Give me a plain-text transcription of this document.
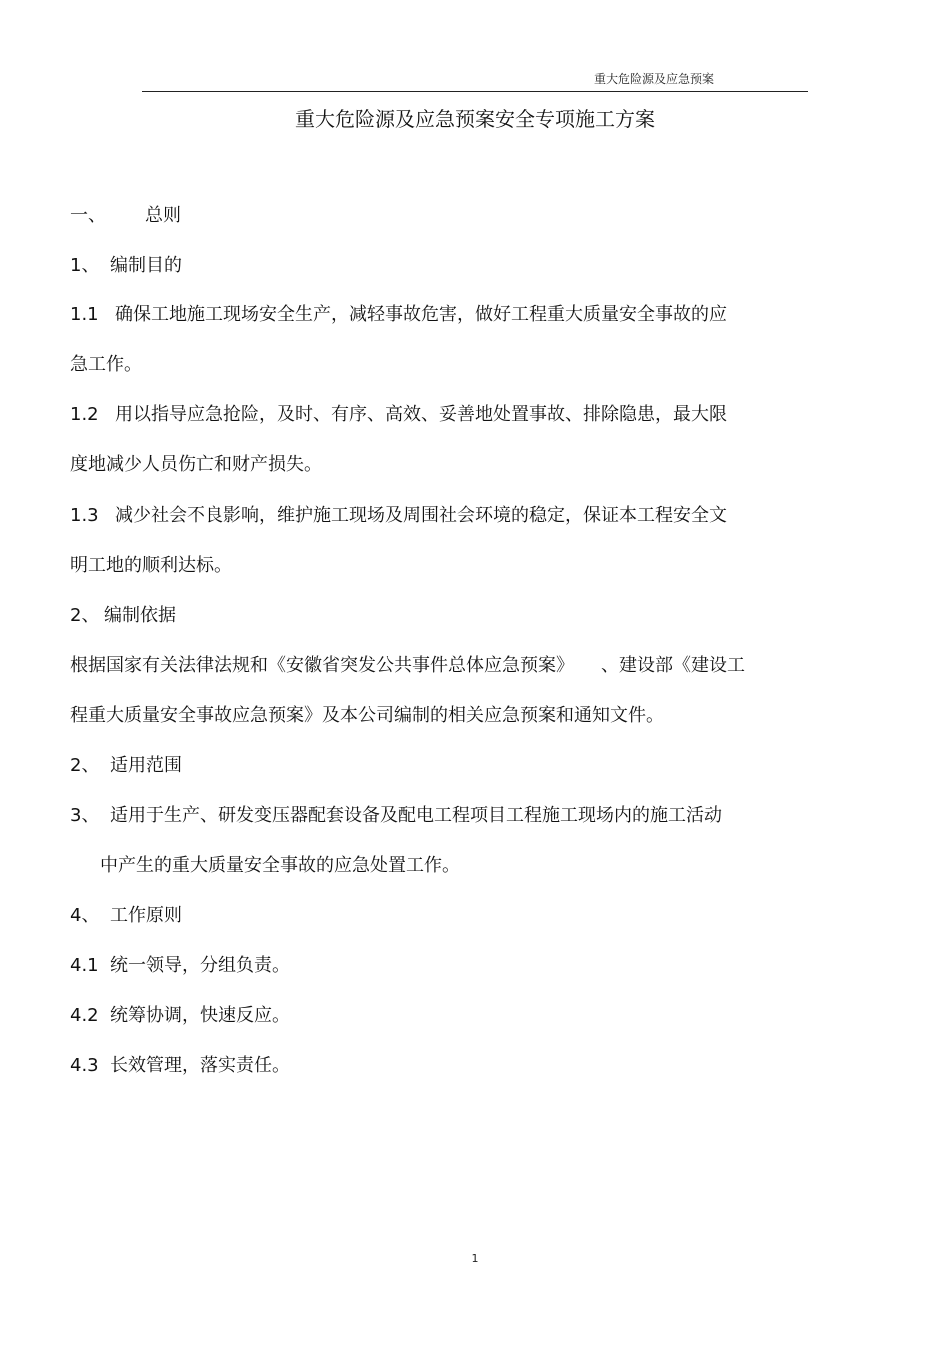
重大危险源及应急预案
重大危险源及应急预案安全专项施工方案
一、 总则
1、 编制目的
1.1 确保工地施工现场安全生产，减轻事故危害，做好工程重大质量安全事故的应
急工作。
1.2 用以指导应急抢险，及时、有序、高效、妥善地处置事故、排除隐患，最大限
度地减少人员伤亡和财产损失。
1.3 减少社会不良影响，维护施工现场及周围社会环境的稳定，保证本工程安全文
明工地的顺利达标。
2、 编制依据
根据国家有关法律法规和《安徽省突发公共事件总体应急预案》　　、建设部《建设工
程重大质量安全事故应急预案》及本公司编制的相关应急预案和通知文件。
2、 适用范围
3、 适用于生产、研发变压器配套设备及配电工程项目工程施工现场内的施工活动
中产生的重大质量安全事故的应急处置工作。
4、 工作原则
4.1 统一领导，分组负责。
4.2 统筹协调，快速反应。
4.3 长效管理，落实责任。
1
